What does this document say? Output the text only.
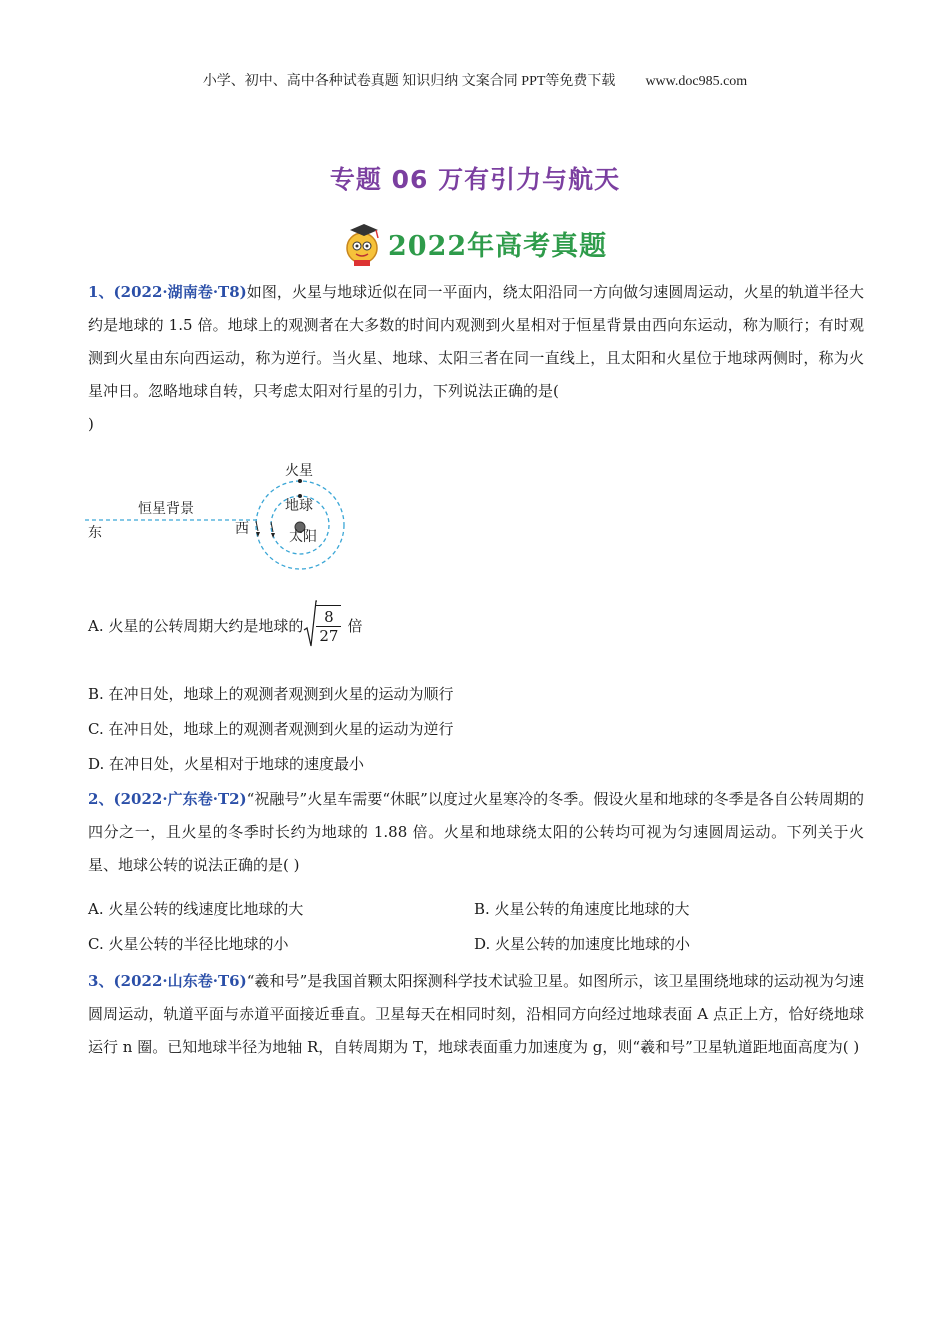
小学、初中、高中各种试卷真题 知识归纳 文案合同 PPT等免费下载 www.doc985.com
专题 06 万有引力与航天
2022年高考真题
1、(2022·湖南卷·T8)如图，火星与地球近似在同一平面内，绕太阳沿同一方向做匀速圆周运动，火星的轨道半径大约是地球的 1.5 倍。地球上的观测者在大多数的时间内观测到火星相对于恒星背景由西向东运动，称为顺行；有时观测到火星由东向西运动，称为逆行。当火星、地球、太阳三者在同一直线上，且太阳和火星位于地球两侧时，称为火星冲日。忽略地球自转，只考虑太阳对行星的引力，下列说法正确的是(
)
火星
地球
太阳
恒星背景
东	西
A. 火星的公转周期大约是地球的 $\frac{8}{27}$ 倍
B. 在冲日处，地球上的观测者观测到火星的运动为顺行
C. 在冲日处，地球上的观测者观测到火星的运动为逆行
D. 在冲日处，火星相对于地球的速度最小
2、(2022·广东卷·T2)“祝融号”火星车需要“休眠”以度过火星寒冷的冬季。假设火星和地球的冬季是各自公转周期的四分之一，且火星的冬季时长约为地球的 1.88 倍。火星和地球绕太阳的公转均可视为匀速圆周运动。下列关于火星、地球公转的说法正确的是( )
A. 火星公转的线速度比地球的大	B. 火星公转的角速度比地球的大
C. 火星公转的半径比地球的小	D. 火星公转的加速度比地球的小
3、(2022·山东卷·T6)“羲和号”是我国首颗太阳探测科学技术试验卫星。如图所示，该卫星围绕地球的运动视为匀速圆周运动，轨道平面与赤道平面接近垂直。卫星每天在相同时刻，沿相同方向经过地球表面 A 点正上方，恰好绕地球运行 n 圈。已知地球半径为地轴 R，自转周期为 T，地球表面重力加速度为 g，则“羲和号”卫星轨道距地面高度为( )
